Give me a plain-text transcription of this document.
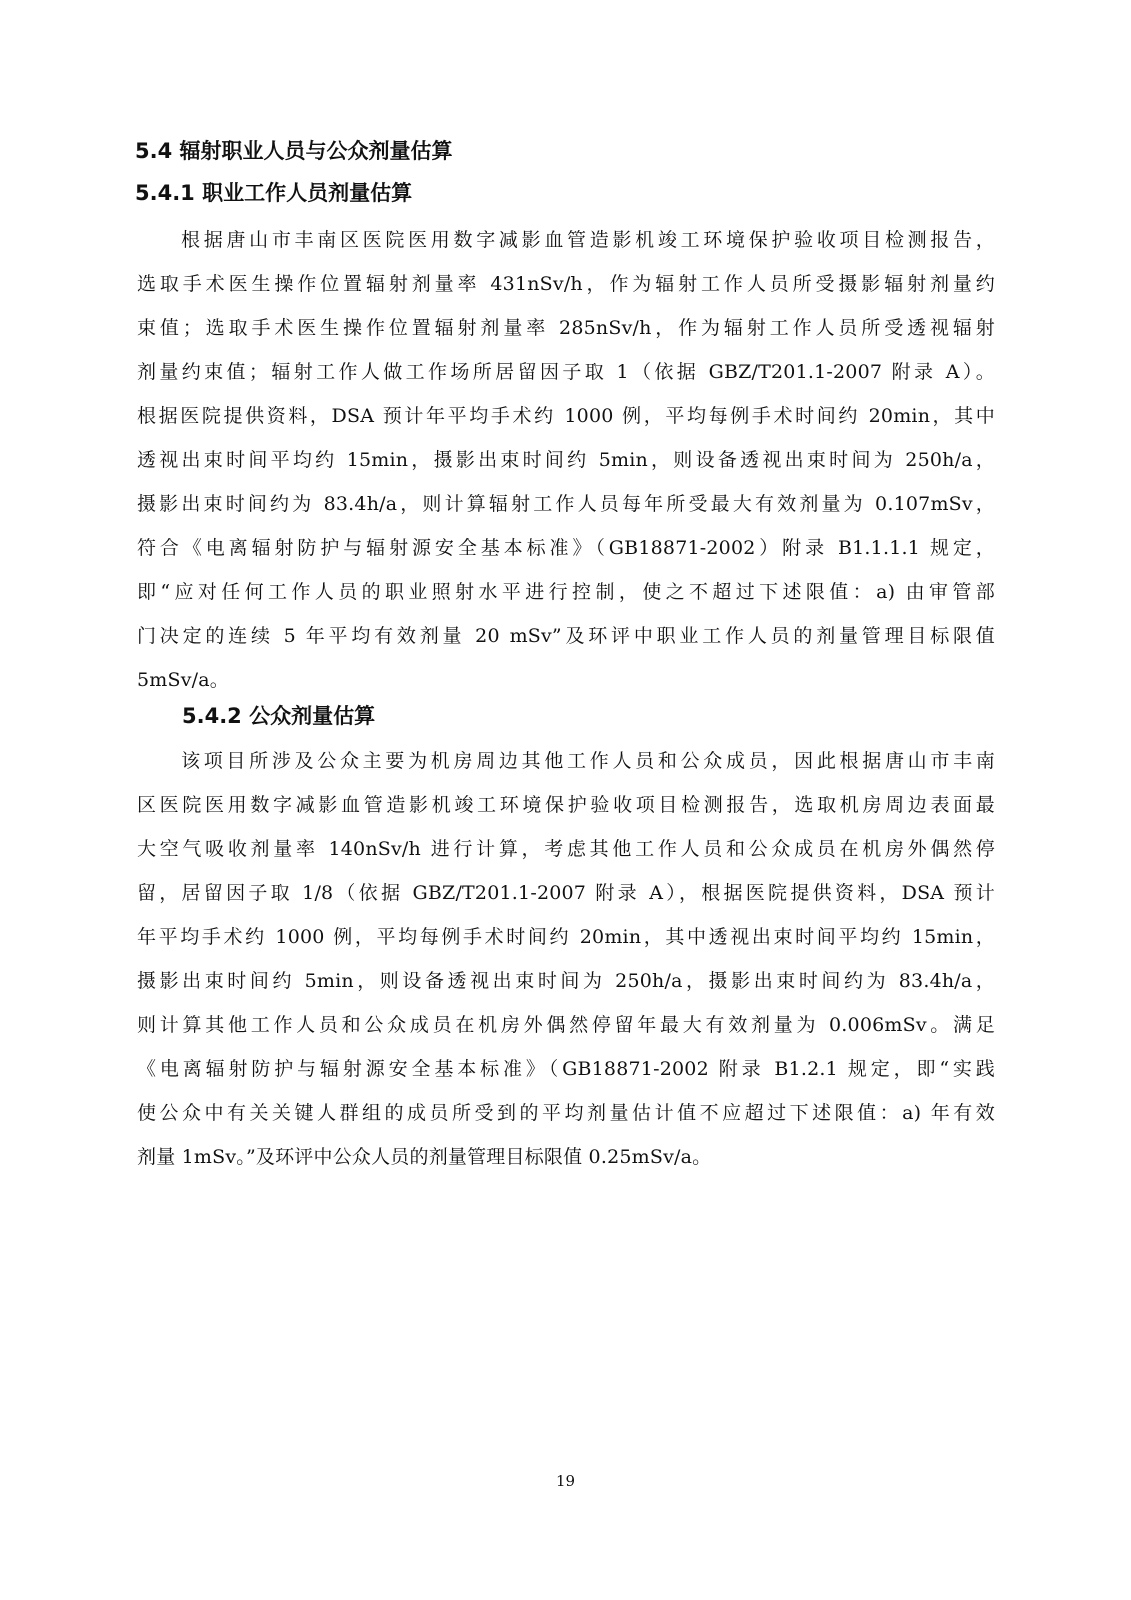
5.4 辐射职业人员与公众剂量估算
5.4.1 职业工作人员剂量估算
根据唐山市丰南区医院医用数字减影血管造影机竣工环境保护验收项目检测报告，
选取手术医生操作位置辐射剂量率 431nSv/h，作为辐射工作人员所受摄影辐射剂量约
束值；选取手术医生操作位置辐射剂量率 285nSv/h，作为辐射工作人员所受透视辐射
剂量约束值；辐射工作人做工作场所居留因子取 1（依据 GBZ/T201.1-2007 附录 A）。
根据医院提供资料，DSA 预计年平均手术约 1000 例，平均每例手术时间约 20min，其中
透视出束时间平均约 15min，摄影出束时间约 5min，则设备透视出束时间为 250h/a，
摄影出束时间约为 83.4h/a，则计算辐射工作人员每年所受最大有效剂量为 0.107mSv，
符合《电离辐射防护与辐射源安全基本标准》（GB18871-2002）附录 B1.1.1.1 规定，
即“应对任何工作人员的职业照射水平进行控制，使之不超过下述限值：a) 由审管部
门决定的连续 5 年平均有效剂量 20 mSv”及环评中职业工作人员的剂量管理目标限值
5mSv/a。
5.4.2 公众剂量估算
该项目所涉及公众主要为机房周边其他工作人员和公众成员，因此根据唐山市丰南
区医院医用数字减影血管造影机竣工环境保护验收项目检测报告，选取机房周边表面最
大空气吸收剂量率 140nSv/h 进行计算，考虑其他工作人员和公众成员在机房外偶然停
留，居留因子取 1/8（依据 GBZ/T201.1-2007 附录 A），根据医院提供资料，DSA 预计
年平均手术约 1000 例，平均每例手术时间约 20min，其中透视出束时间平均约 15min，
摄影出束时间约 5min，则设备透视出束时间为 250h/a，摄影出束时间约为 83.4h/a，
则计算其他工作人员和公众成员在机房外偶然停留年最大有效剂量为 0.006mSv。满足
《电离辐射防护与辐射源安全基本标准》（GB18871-2002 附录 B1.2.1 规定，即“实践
使公众中有关关键人群组的成员所受到的平均剂量估计值不应超过下述限值：a) 年有效
剂量 1mSv。”及环评中公众人员的剂量管理目标限值 0.25mSv/a。
19
